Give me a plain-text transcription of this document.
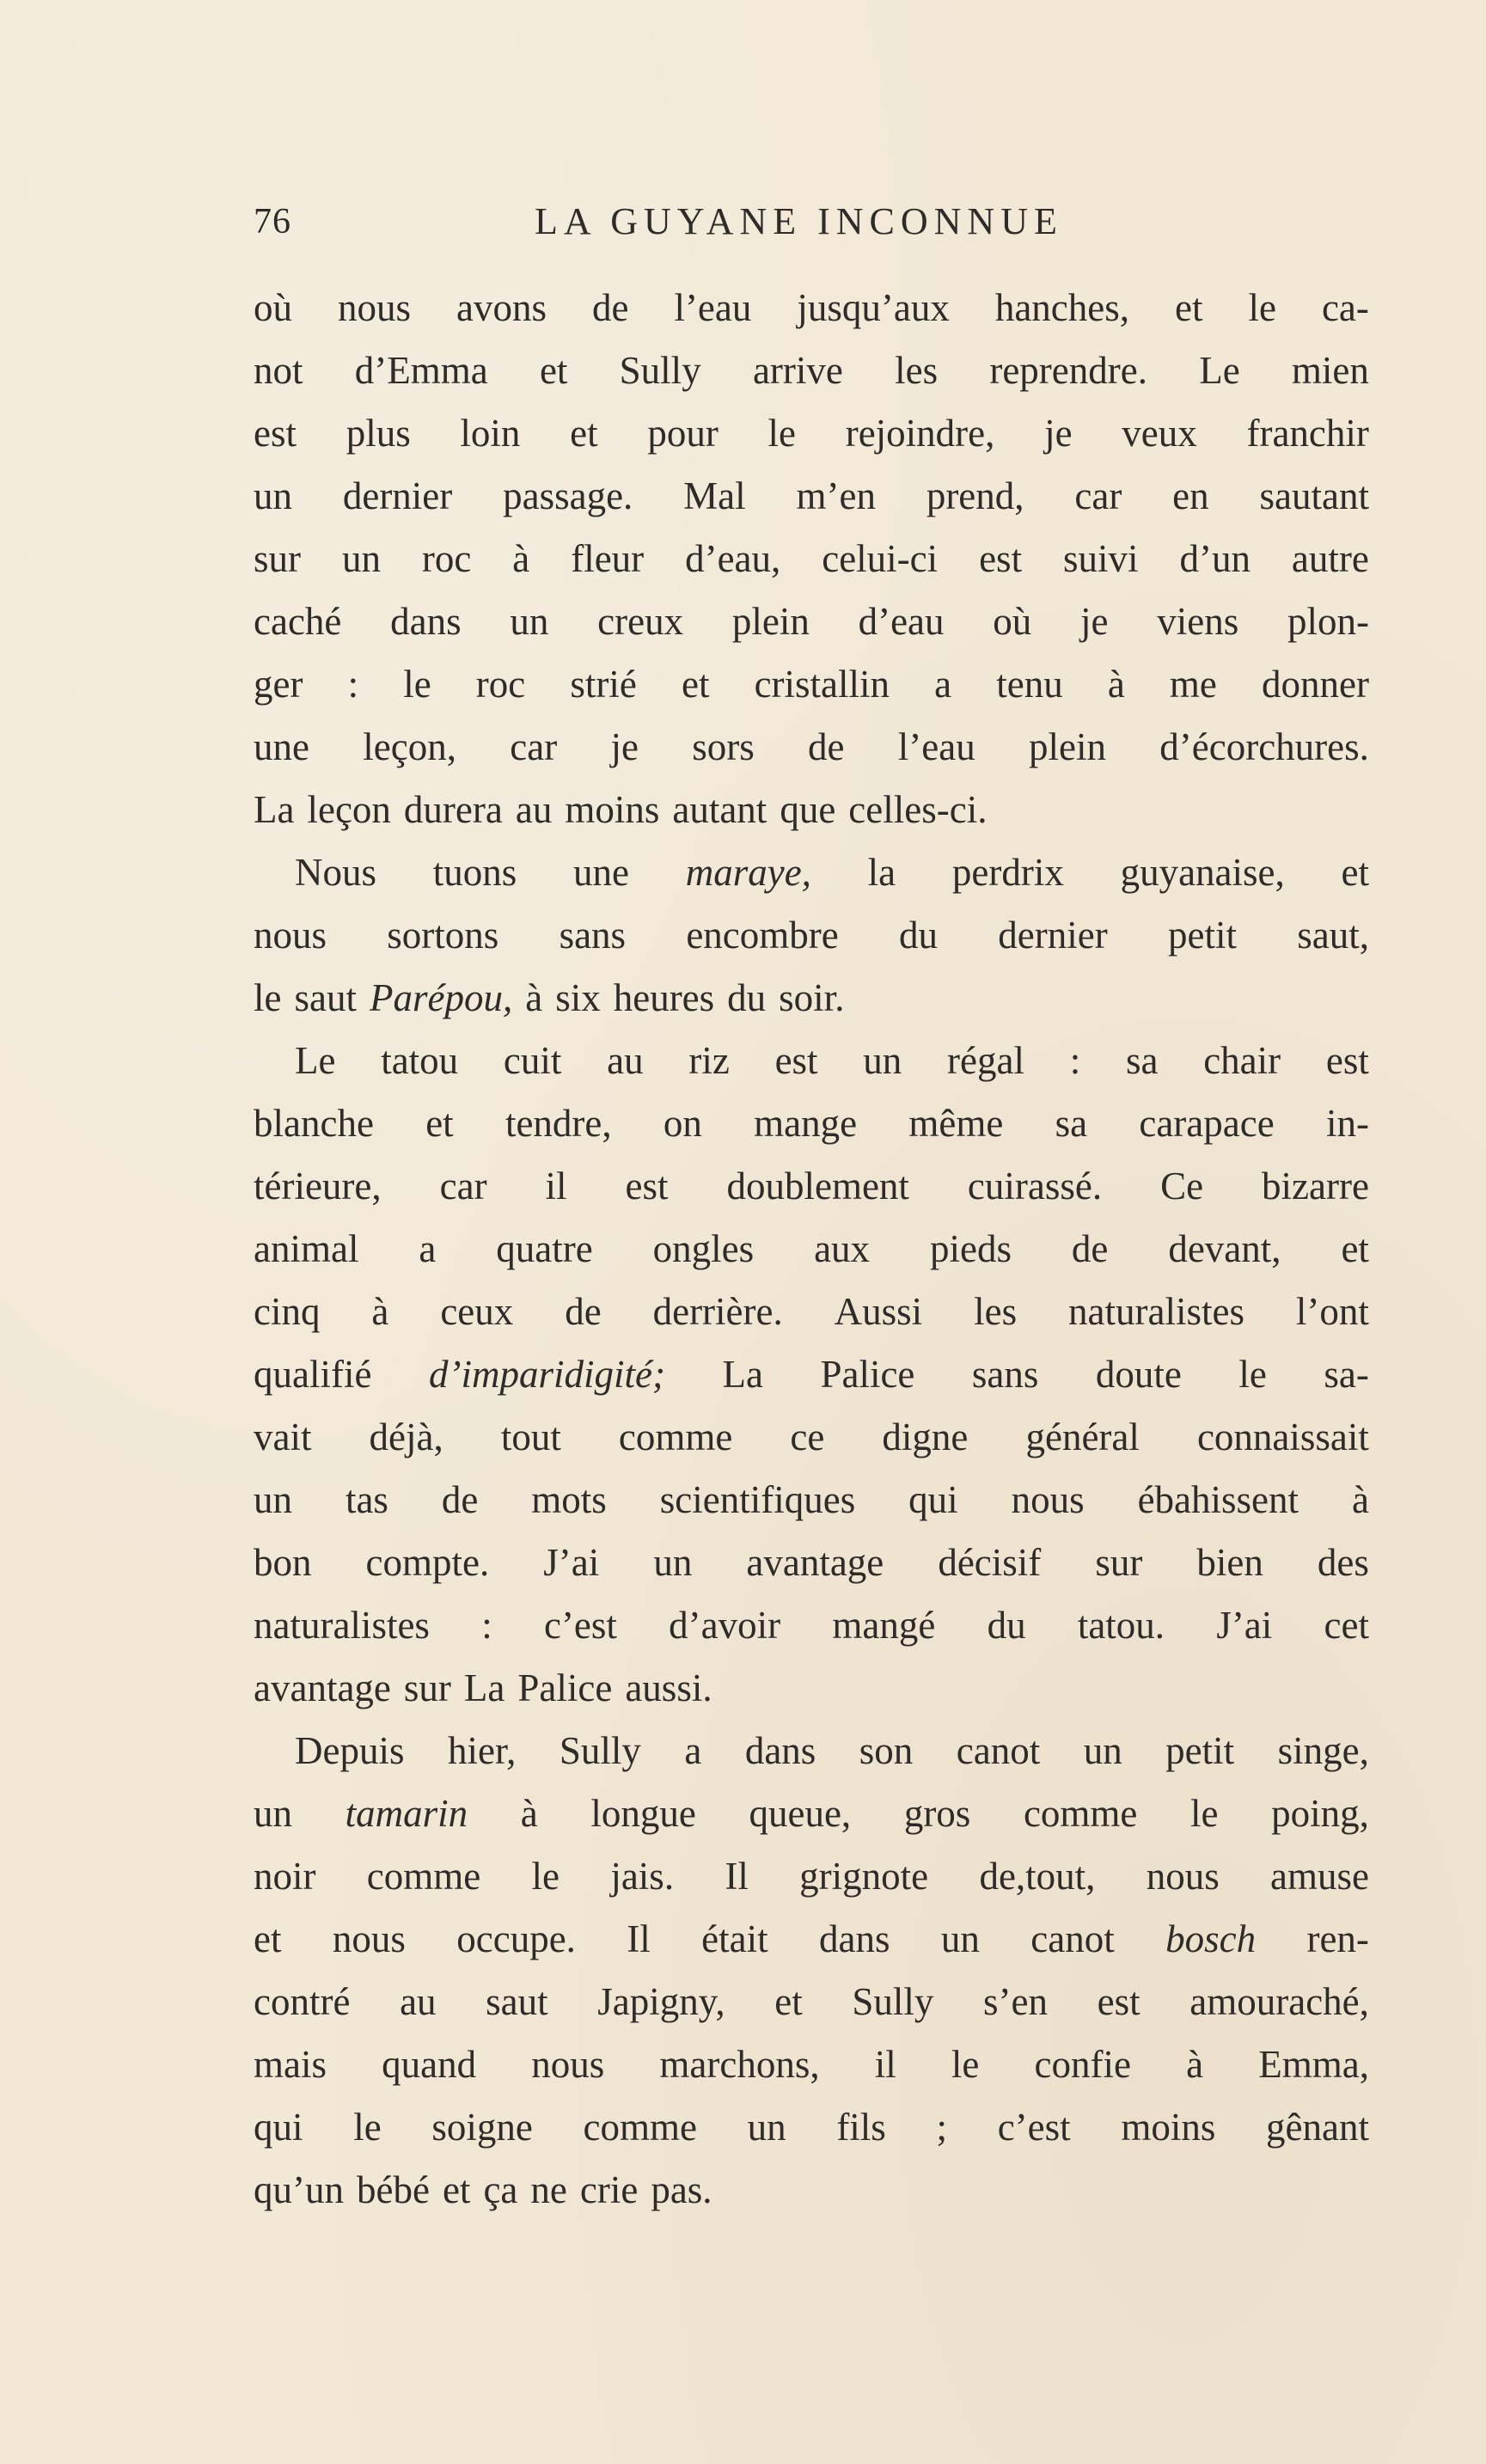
76	LA GUYANE INCONNUE
où nous avons de l’eau jusqu’aux hanches, et le ca-
not d’Emma et Sully arrive les reprendre. Le mien
est plus loin et pour le rejoindre, je veux franchir
un dernier passage. Mal m’en prend, car en sautant
sur un roc à fleur d’eau, celui-ci est suivi d’un autre
caché dans un creux plein d’eau où je viens plon-
ger : le roc strié et cristallin a tenu à me donner
une leçon, car je sors de l’eau plein d’écorchures.
La leçon durera au moins autant que celles-ci.
Nous tuons une maraye, la perdrix guyanaise, et
nous sortons sans encombre du dernier petit saut,
le saut Parépou, à six heures du soir.
Le tatou cuit au riz est un régal : sa chair est
blanche et tendre, on mange même sa carapace in-
térieure, car il est doublement cuirassé. Ce bizarre
animal a quatre ongles aux pieds de devant, et
cinq à ceux de derrière. Aussi les naturalistes l’ont
qualifié d’imparidigité; La Palice sans doute le sa-
vait déjà, tout comme ce digne général connaissait
un tas de mots scientifiques qui nous ébahissent à
bon compte. J’ai un avantage décisif sur bien des
naturalistes : c’est d’avoir mangé du tatou. J’ai cet
avantage sur La Palice aussi.
Depuis hier, Sully a dans son canot un petit singe,
un tamarin à longue queue, gros comme le poing,
noir comme le jais. Il grignote de,tout, nous amuse
et nous occupe. Il était dans un canot bosch ren-
contré au saut Japigny, et Sully s’en est amouraché,
mais quand nous marchons, il le confie à Emma,
qui le soigne comme un fils ; c’est moins gênant
qu’un bébé et ça ne crie pas.
